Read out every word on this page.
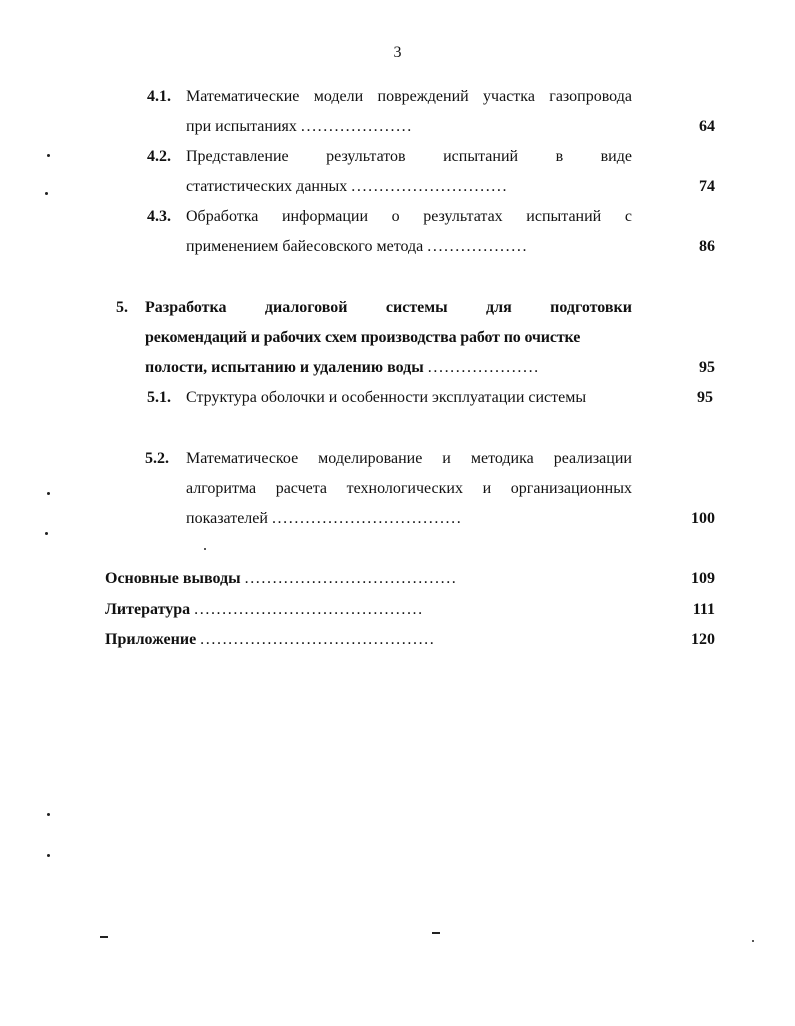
3
4.1. Математические модели повреждений участка газопровода
при испытаниях ....................	64
4.2. Представление результатов испытаний в виде
статистических данных ............................	74
4.3. Обработка информации о результатах испытаний с
применением байесовского метода ..................	86
5. Разработка диалоговой системы для подготовки
рекомендаций и рабочих схем производства работ по очистке
полости, испытанию и удалению воды ....................	95
5.1. Структура оболочки и особенности эксплуатации системы	95
5.2. Математическое моделирование и методика реализации
алгоритма расчета технологических и организационных
показателей ..................................	100
Основные выводы ......................................	109
Литература .........................................	111
Приложение ..........................................	120
